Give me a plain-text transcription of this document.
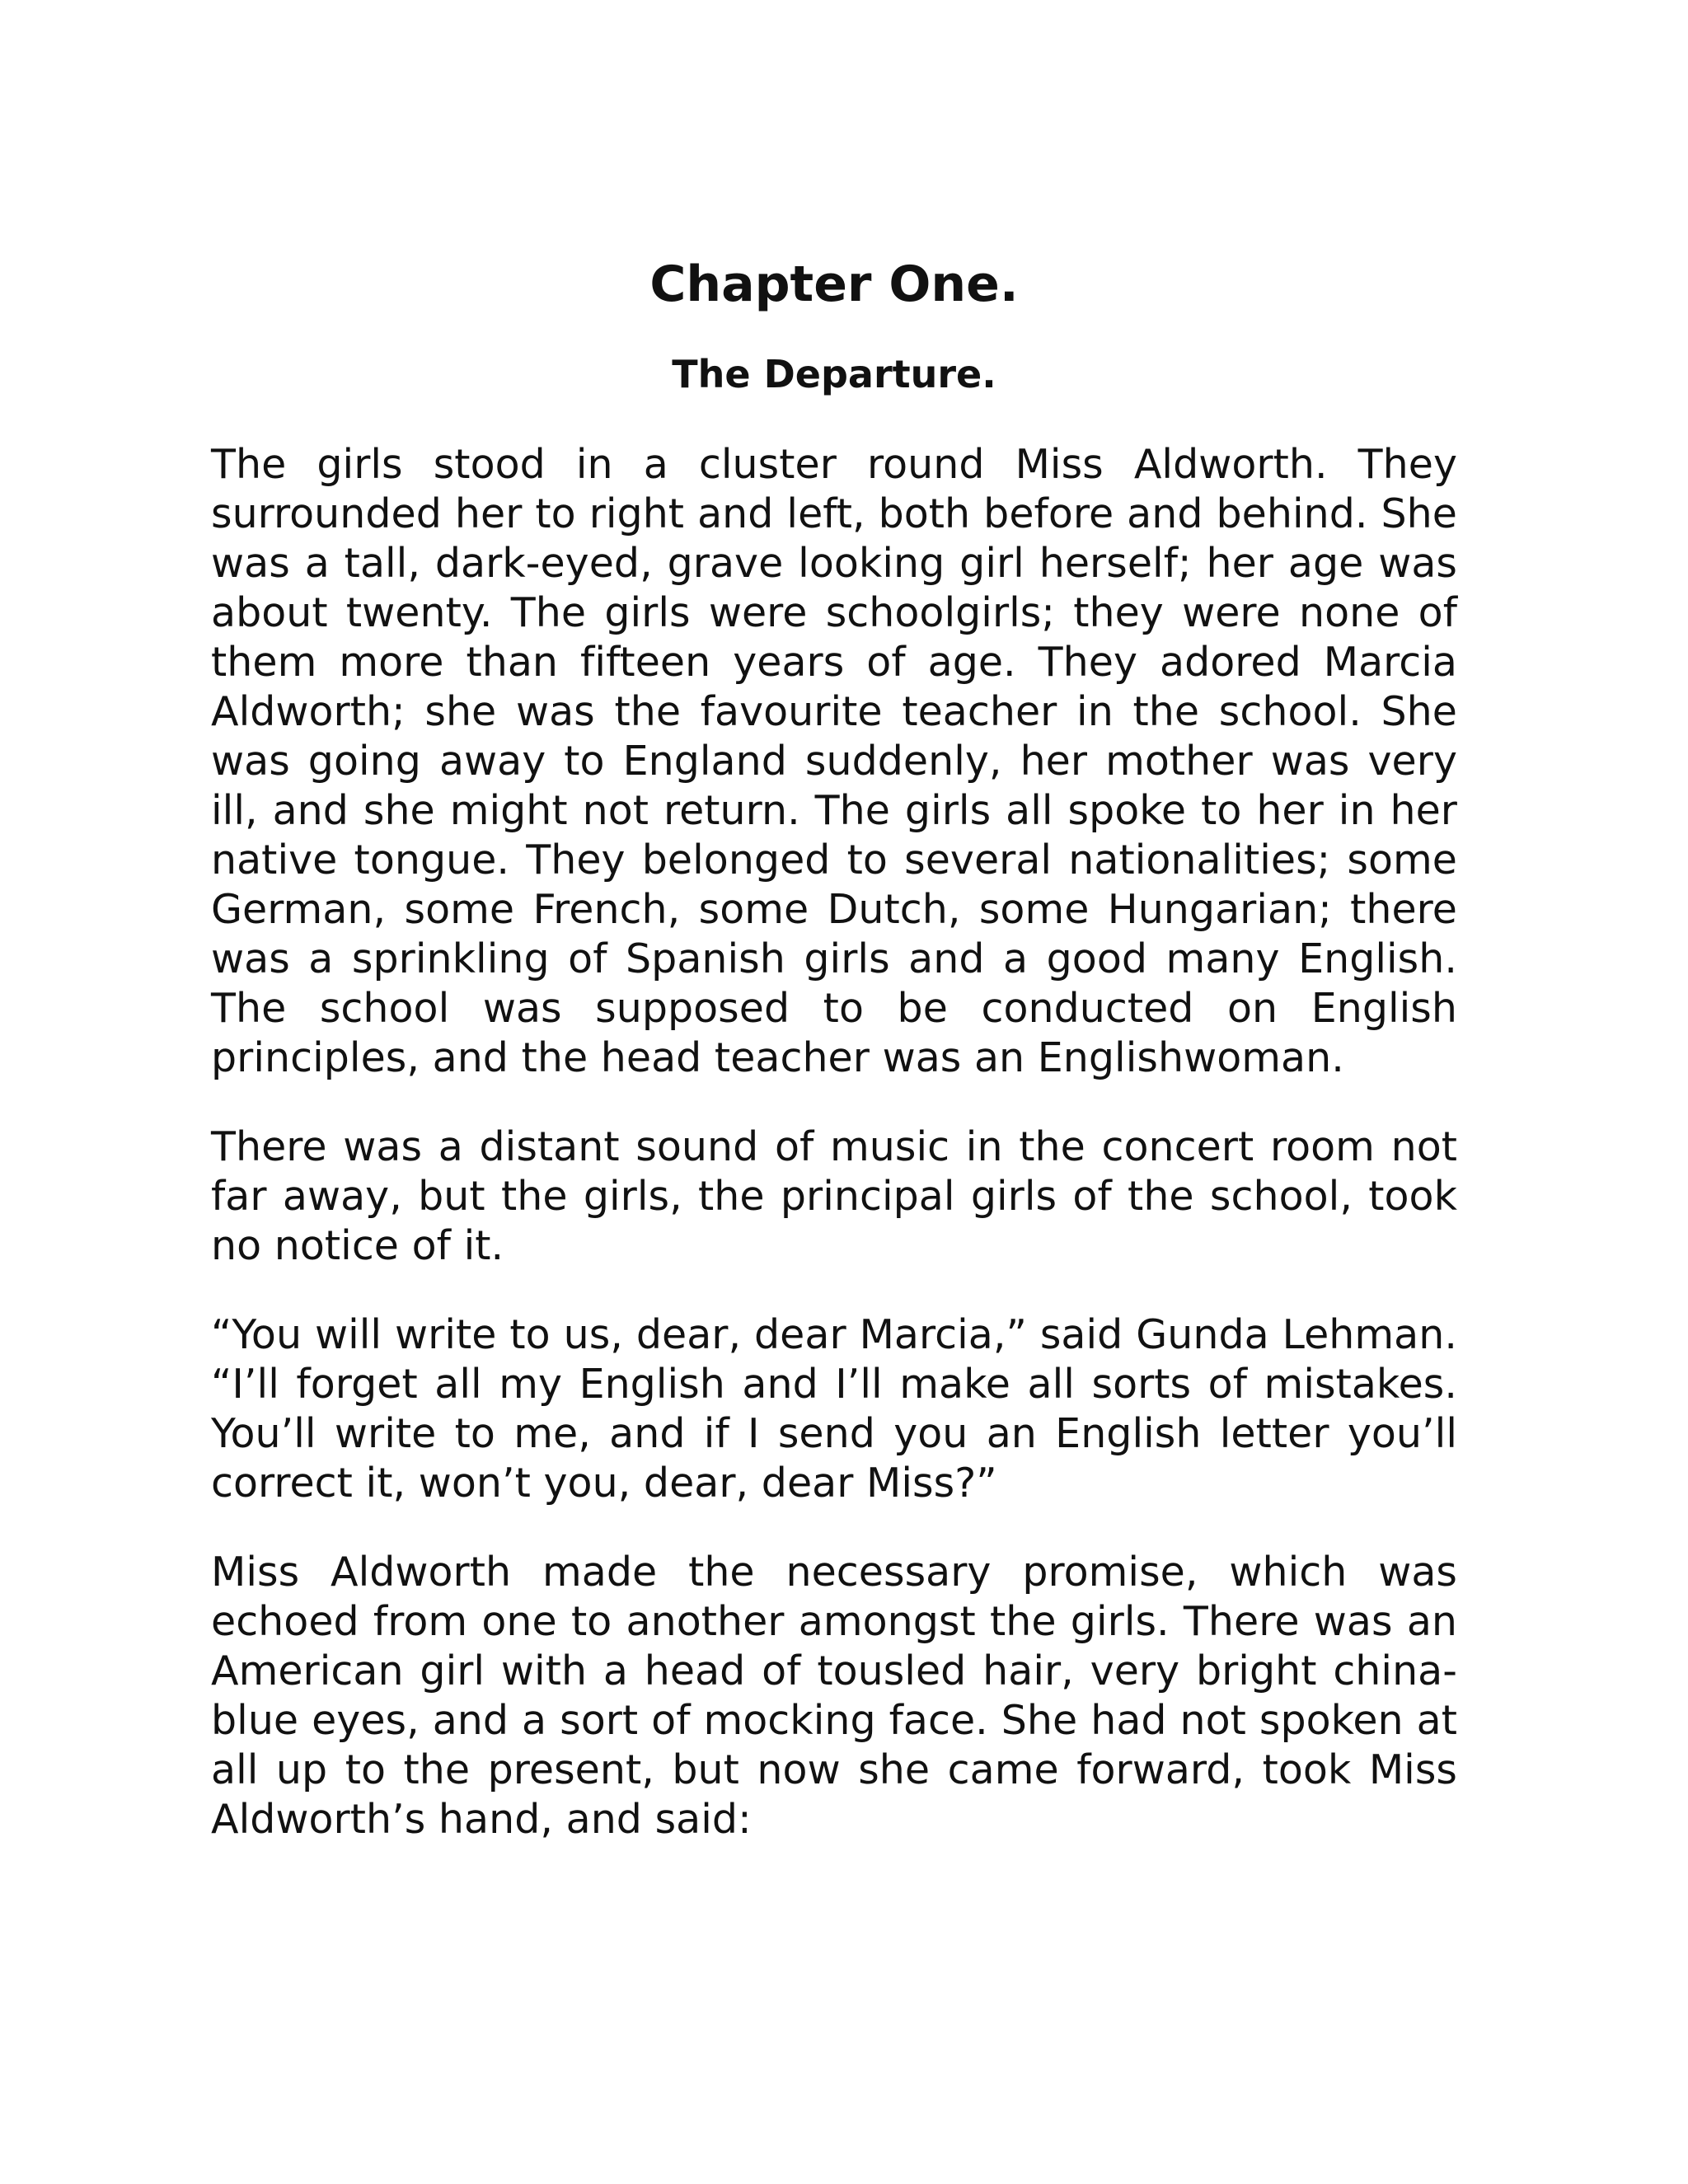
Chapter One.
The Departure.

The girls stood in a cluster round Miss Aldworth. They surrounded her to right and left, both before and behind. She was a tall, dark-eyed, grave looking girl herself; her age was about twenty. The girls were schoolgirls; they were none of them more than fifteen years of age. They adored Marcia Aldworth; she was the favourite teacher in the school. She was going away to England suddenly, her mother was very ill, and she might not return. The girls all spoke to her in her native tongue. They belonged to several nationalities; some German, some French, some Dutch, some Hungarian; there was a sprinkling of Spanish girls and a good many English. The school was supposed to be conducted on English principles, and the head teacher was an Englishwoman.

There was a distant sound of music in the concert room not far away, but the girls, the principal girls of the school, took no notice of it.

“You will write to us, dear, dear Marcia,” said Gunda Lehman. “I’ll forget all my English and I’ll make all sorts of mistakes. You’ll write to me, and if I send you an English letter you’ll correct it, won’t you, dear, dear Miss?”

Miss Aldworth made the necessary promise, which was echoed from one to another amongst the girls. There was an American girl with a head of tousled hair, very bright china-blue eyes, and a sort of mocking face. She had not spoken at all up to the present, but now she came forward, took Miss Aldworth’s hand, and said:
